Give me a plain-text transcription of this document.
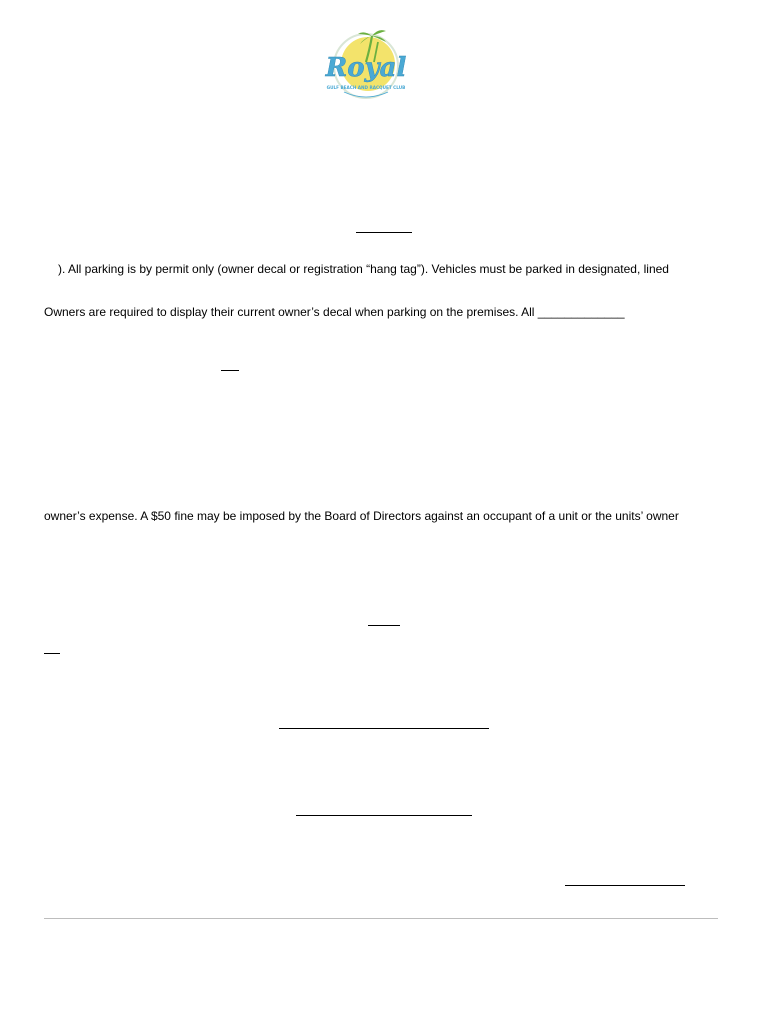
Royal
GULF BEACH AND RACQUET CLUB
). All parking is by permit only (owner decal or registration “hang tag”). Vehicles must be parked in designated, lined
Owners are required to display their current owner’s decal when parking on the premises. All _____________
owner’s expense. A $50 fine may be imposed by the Board of Directors against an occupant of a unit or the units’ owner
